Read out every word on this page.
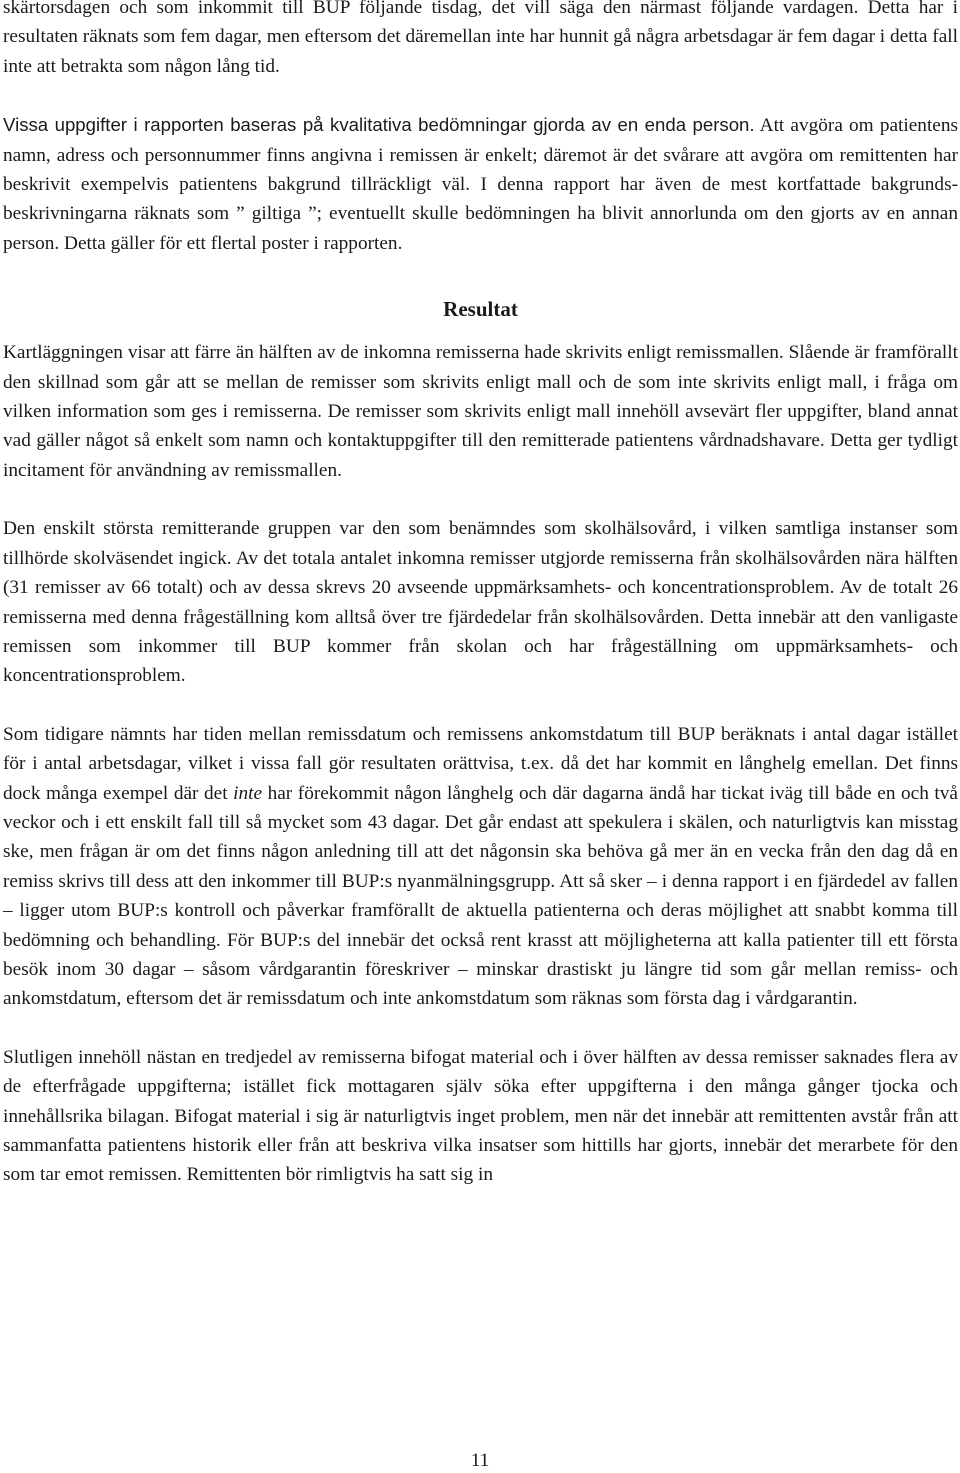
skärtorsdagen och som inkommit till BUP följande tisdag, det vill säga den närmast följande vardagen. Detta har i resultaten räknats som fem dagar, men eftersom det däremellan inte har hunnit gå några arbetsdagar är fem dagar i detta fall inte att betrakta som någon lång tid.

Vissa uppgifter i rapporten baseras på kvalitativa bedömningar gjorda av en enda person. Att avgöra om patientens namn, adress och personnummer finns angivna i remissen är enkelt; däremot är det svårare att avgöra om remittenten har beskrivit exempelvis patientens bakgrund tillräckligt väl. I denna rapport har även de mest kortfattade bakgrunds-beskrivningarna räknats som ” giltiga ”; eventuellt skulle bedömningen ha blivit annorlunda om den gjorts av en annan person. Detta gäller för ett flertal poster i rapporten.

Resultat

Kartläggningen visar att färre än hälften av de inkomna remisserna hade skrivits enligt remissmallen. Slående är framförallt den skillnad som går att se mellan de remisser som skrivits enligt mall och de som inte skrivits enligt mall, i fråga om vilken information som ges i remisserna. De remisser som skrivits enligt mall innehöll avsevärt fler uppgifter, bland annat vad gäller något så enkelt som namn och kontaktuppgifter till den remitterade patientens vårdnadshavare. Detta ger tydligt incitament för användning av remissmallen.

Den enskilt största remitterande gruppen var den som benämndes som skolhälsovård, i vilken samtliga instanser som tillhörde skolväsendet ingick. Av det totala antalet inkomna remisser utgjorde remisserna från skolhälsovården nära hälften (31 remisser av 66 totalt) och av dessa skrevs 20 avseende uppmärksamhets- och koncentrationsproblem. Av de totalt 26 remisserna med denna frågeställning kom alltså över tre fjärdedelar från skolhälsovården. Detta innebär att den vanligaste remissen som inkommer till BUP kommer från skolan och har frågeställning om uppmärksamhets- och koncentrationsproblem.

Som tidigare nämnts har tiden mellan remissdatum och remissens ankomstdatum till BUP beräknats i antal dagar istället för i antal arbetsdagar, vilket i vissa fall gör resultaten orättvisa, t.ex. då det har kommit en långhelg emellan. Det finns dock många exempel där det inte har förekommit någon långhelg och där dagarna ändå har tickat iväg till både en och två veckor och i ett enskilt fall till så mycket som 43 dagar. Det går endast att spekulera i skälen, och naturligtvis kan misstag ske, men frågan är om det finns någon anledning till att det någonsin ska behöva gå mer än en vecka från den dag då en remiss skrivs till dess att den inkommer till BUP:s nyanmälningsgrupp. Att så sker – i denna rapport i en fjärdedel av fallen – ligger utom BUP:s kontroll och påverkar framförallt de aktuella patienterna och deras möjlighet att snabbt komma till bedömning och behandling. För BUP:s del innebär det också rent krasst att möjligheterna att kalla patienter till ett första besök inom 30 dagar – såsom vårdgarantin föreskriver – minskar drastiskt ju längre tid som går mellan remiss- och ankomstdatum, eftersom det är remissdatum och inte ankomstdatum som räknas som första dag i vårdgarantin.

Slutligen innehöll nästan en tredjedel av remisserna bifogat material och i över hälften av dessa remisser saknades flera av de efterfrågade uppgifterna; istället fick mottagaren själv söka efter uppgifterna i den många gånger tjocka och innehållsrika bilagan. Bifogat material i sig är naturligtvis inget problem, men när det innebär att remittenten avstår från att sammanfatta patientens historik eller från att beskriva vilka insatser som hittills har gjorts, innebär det merarbete för den som tar emot remissen. Remittenten bör rimligtvis ha satt sig in

11
